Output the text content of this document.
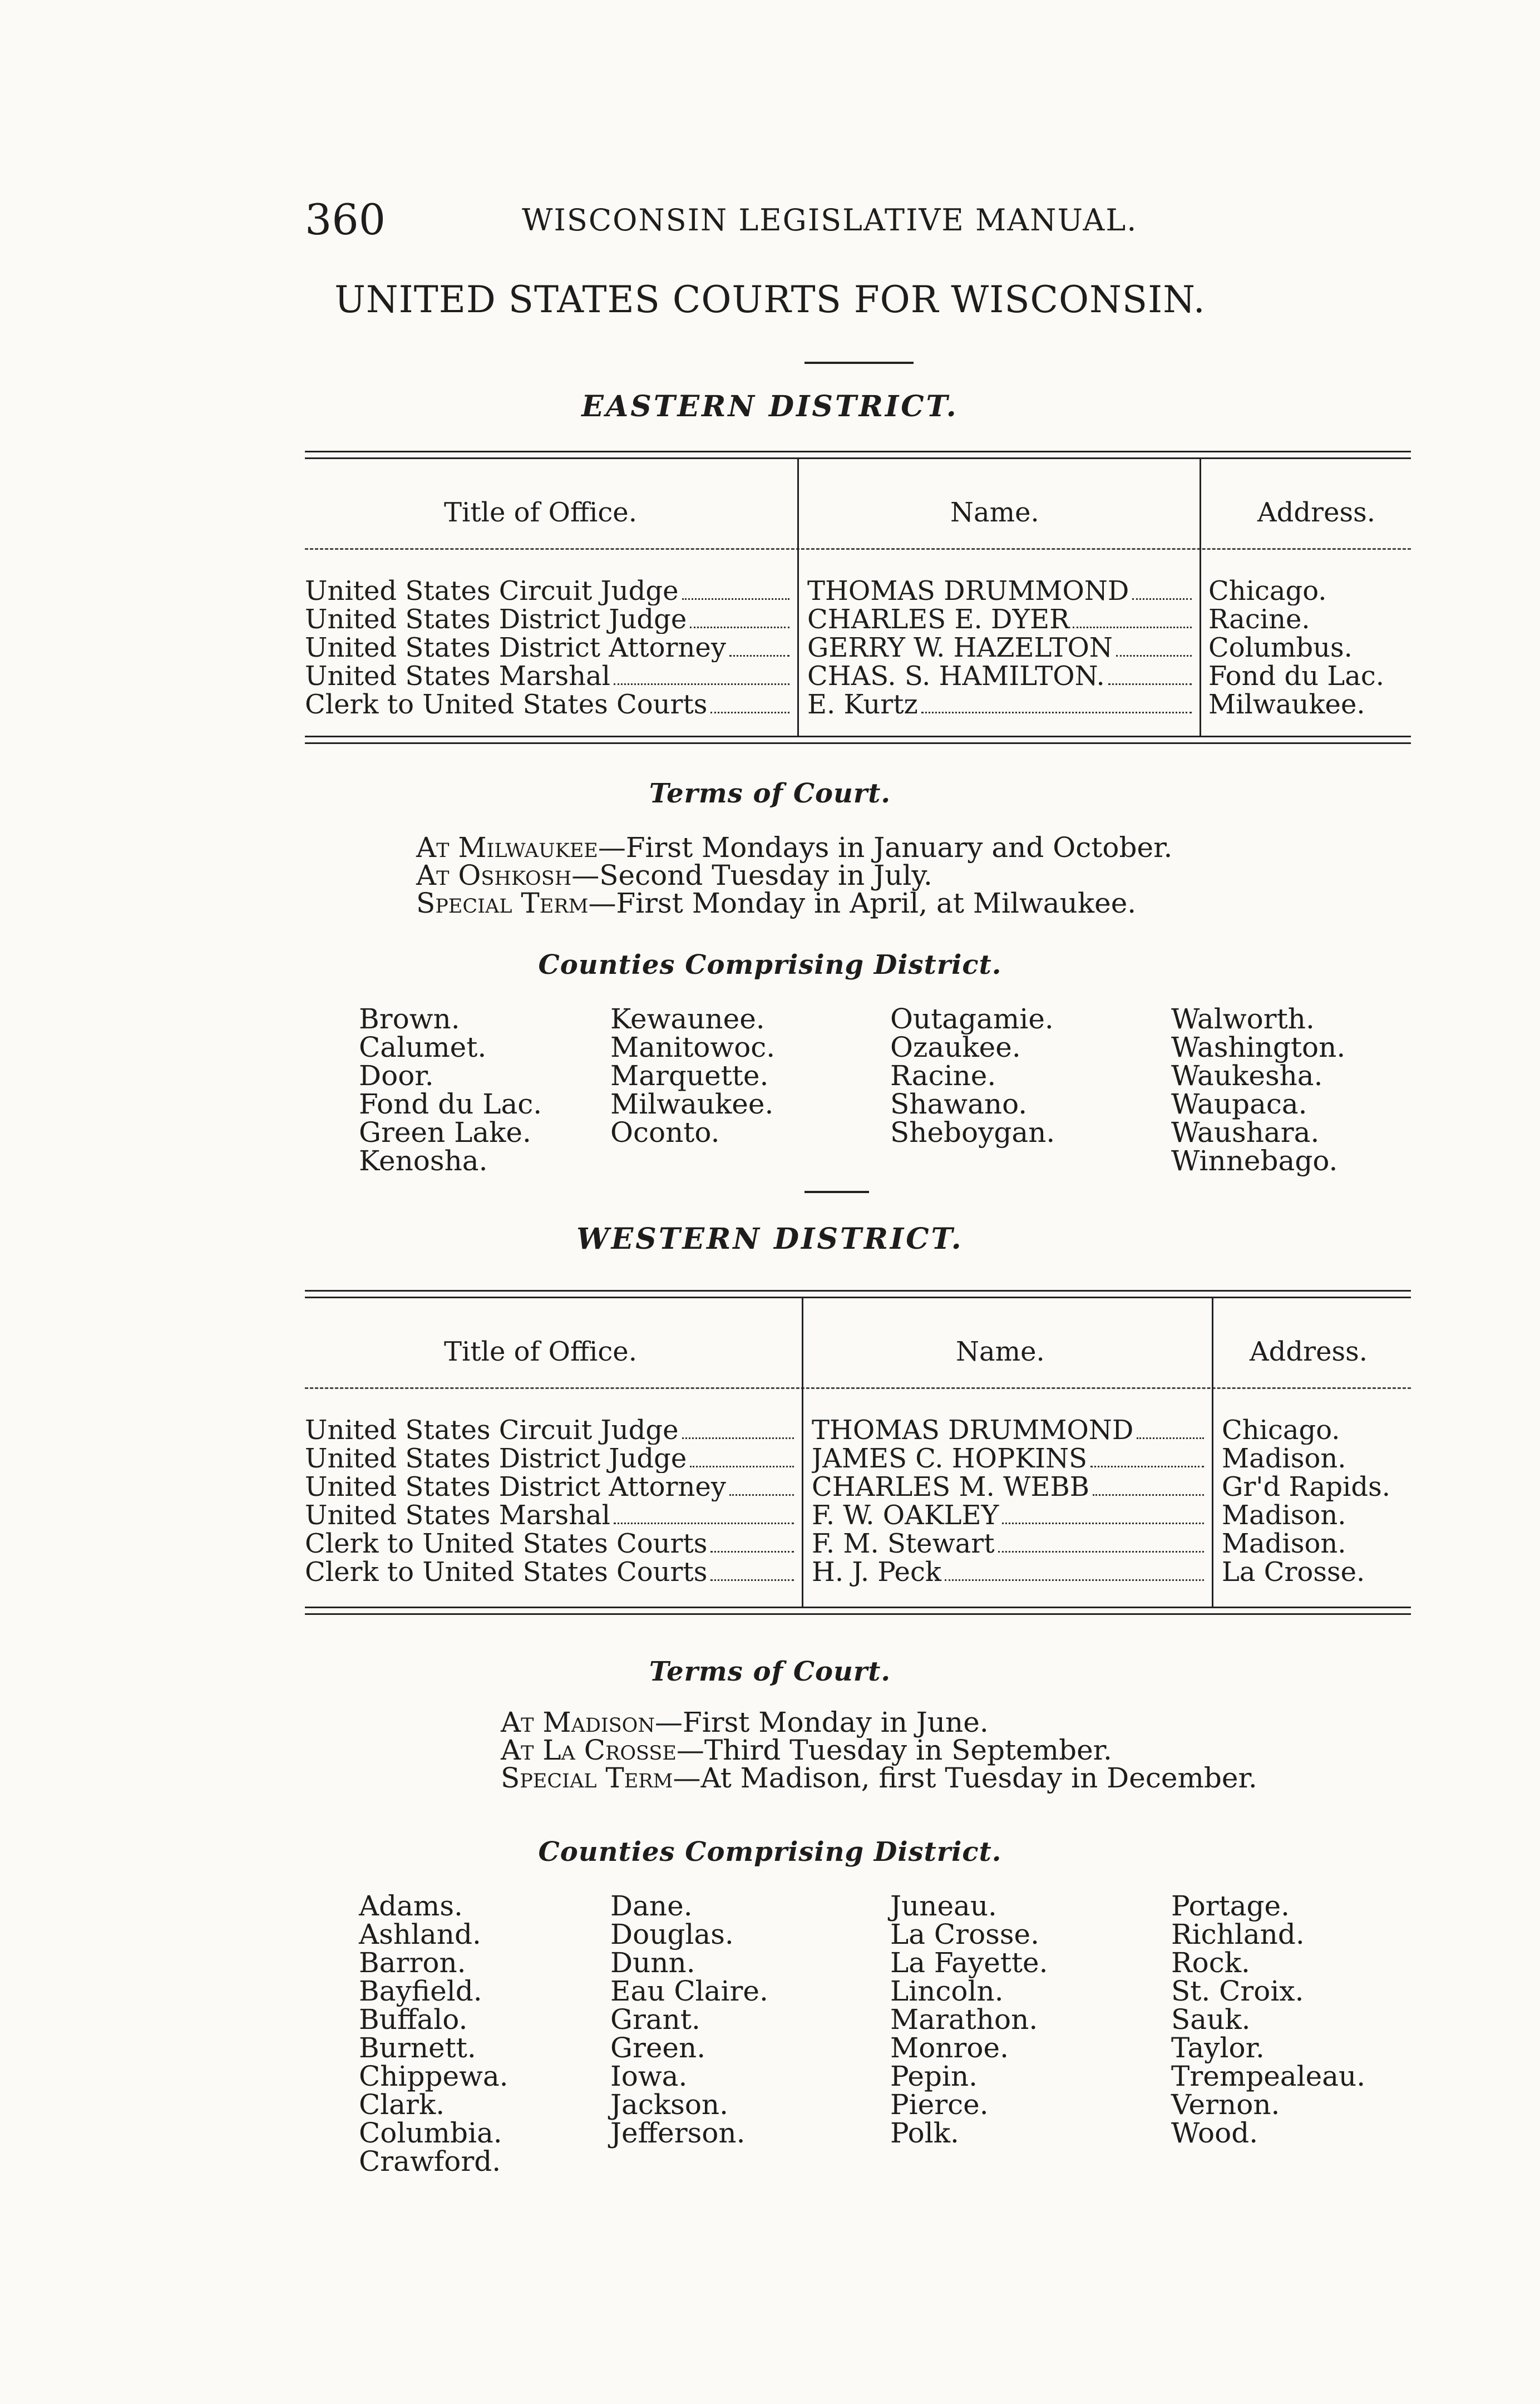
360	WISCONSIN LEGISLATIVE MANUAL.
UNITED STATES COURTS FOR WISCONSIN.
EASTERN DISTRICT.
Title of Office.	Name.	Address.
United States Circuit Judge	THOMAS DRUMMOND	Chicago.
United States District Judge	CHARLES E. DYER	Racine.
United States District Attorney	GERRY W. HAZELTON	Columbus.
United States Marshal	CHAS. S. HAMILTON.	Fond du Lac.
Clerk to United States Courts	E. Kurtz	Milwaukee.
Terms of Court.
At Milwaukee—First Mondays in January and October.
At Oshkosh—Second Tuesday in July.
Special Term—First Monday in April, at Milwaukee.
Counties Comprising District.
Brown.
Calumet.
Door.
Fond du Lac.
Green Lake.
Kenosha.
Kewaunee.
Manitowoc.
Marquette.
Milwaukee.
Oconto.
Outagamie.
Ozaukee.
Racine.
Shawano.
Sheboygan.
Walworth.
Washington.
Waukesha.
Waupaca.
Waushara.
Winnebago.
WESTERN DISTRICT.
Title of Office.	Name.	Address.
United States Circuit Judge	THOMAS DRUMMOND	Chicago.
United States District Judge	JAMES C. HOPKINS	Madison.
United States District Attorney	CHARLES M. WEBB	Gr'd Rapids.
United States Marshal	F. W. OAKLEY	Madison.
Clerk to United States Courts	F. M. Stewart	Madison.
Clerk to United States Courts	H. J. Peck	La Crosse.
Terms of Court.
At Madison—First Monday in June.
At La Crosse—Third Tuesday in September.
Special Term—At Madison, first Tuesday in December.
Counties Comprising District.
Adams.
Ashland.
Barron.
Bayfield.
Buffalo.
Burnett.
Chippewa.
Clark.
Columbia.
Crawford.
Dane.
Douglas.
Dunn.
Eau Claire.
Grant.
Green.
Iowa.
Jackson.
Jefferson.
Juneau.
La Crosse.
La Fayette.
Lincoln.
Marathon.
Monroe.
Pepin.
Pierce.
Polk.
Portage.
Richland.
Rock.
St. Croix.
Sauk.
Taylor.
Trempealeau.
Vernon.
Wood.
